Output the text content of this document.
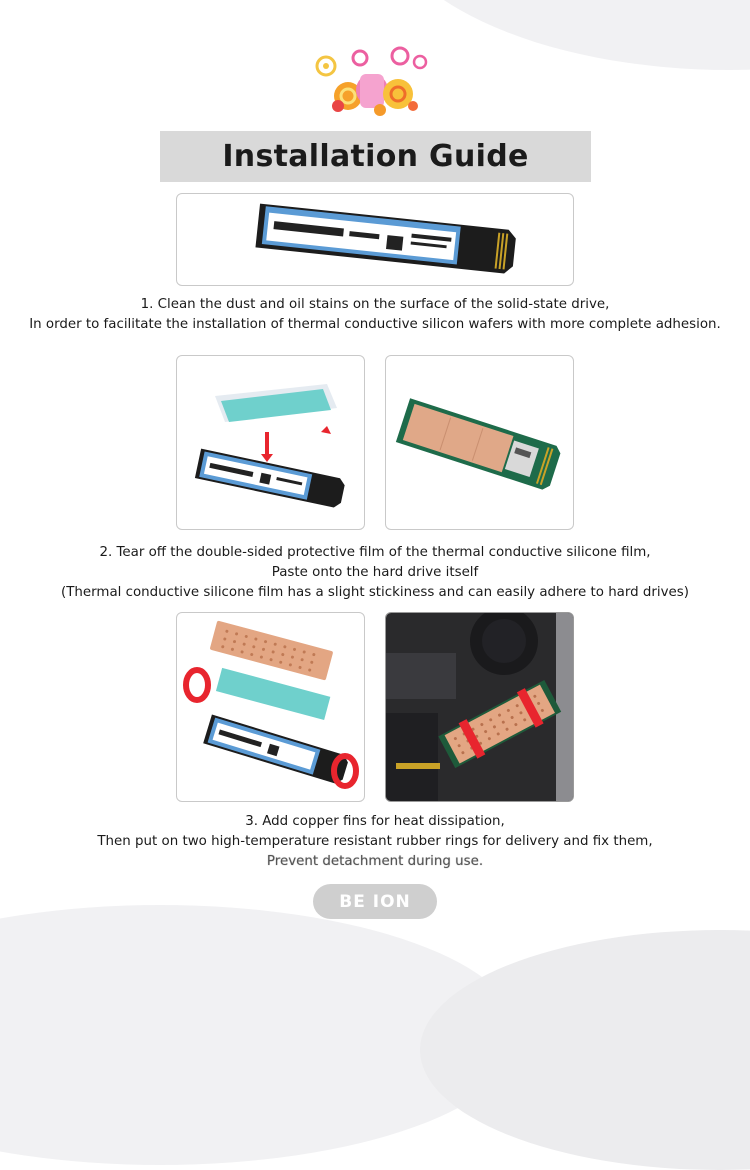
Installation Guide

1. Clean the dust and oil stains on the surface of the solid-state drive,

In order to facilitate the installation of thermal conductive silicon wafers with more complete adhesion.

2. Tear off the double-sided protective film of the thermal conductive silicone film,

Paste onto the hard drive itself

(Thermal conductive silicone film has a slight stickiness and can easily adhere to hard drives)

3. Add copper fins for heat dissipation,

Then put on two high-temperature resistant rubber rings for delivery and fix them,

Prevent detachment during use.

BE ION
